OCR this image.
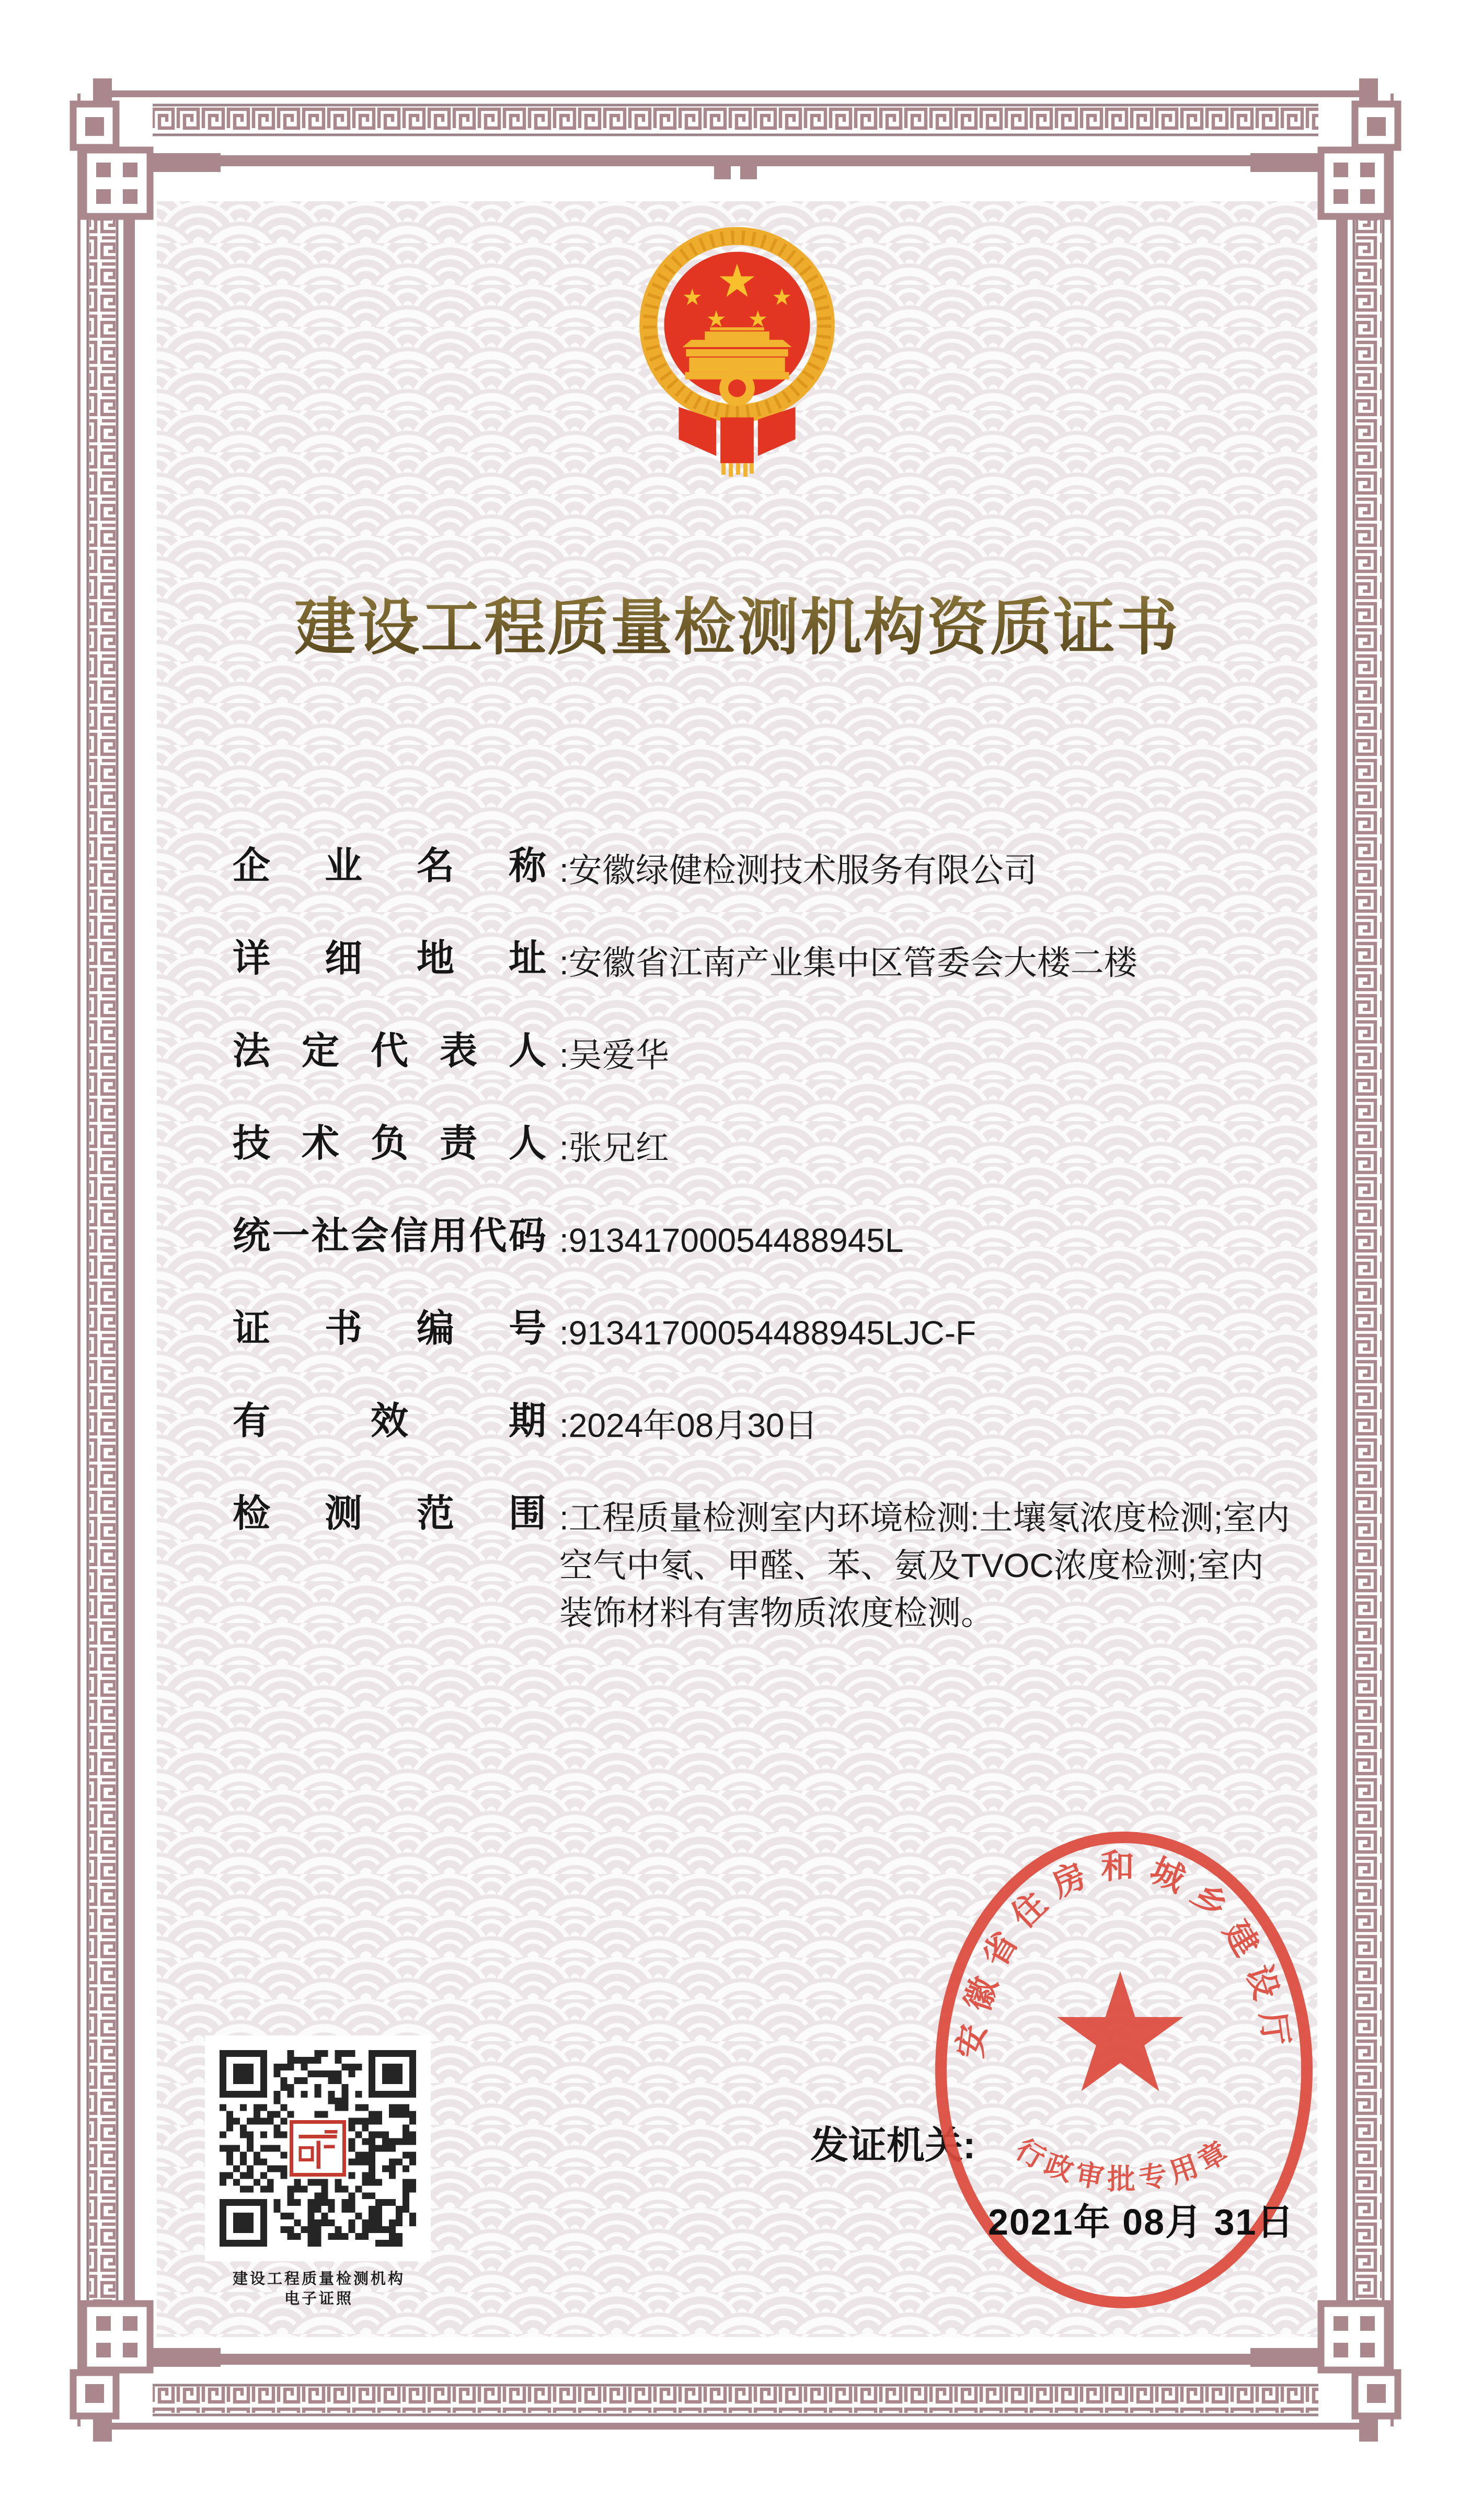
建设工程质量检测机构资质证书
企业名称 :安徽绿健检测技术服务有限公司
详细地址 :安徽省江南产业集中区管委会大楼二楼
法定代表人 :吴爱华
技术负责人 :张兄红
统一社会信用代码 :91341700054488945L
证书编号 :91341700054488945LJC-F
有效期 :2024年08月30日
检测范围 :工程质量检测室内环境检测:土壤氡浓度检测;室内空气中氡、甲醛、苯、氨及TVOC浓度检测;室内装饰材料有害物质浓度检测。
建设工程质量检测机构
电子证照
发证机关:
安徽省住房和城乡建设厅
行政审批专用章
2021年 08月 31日
